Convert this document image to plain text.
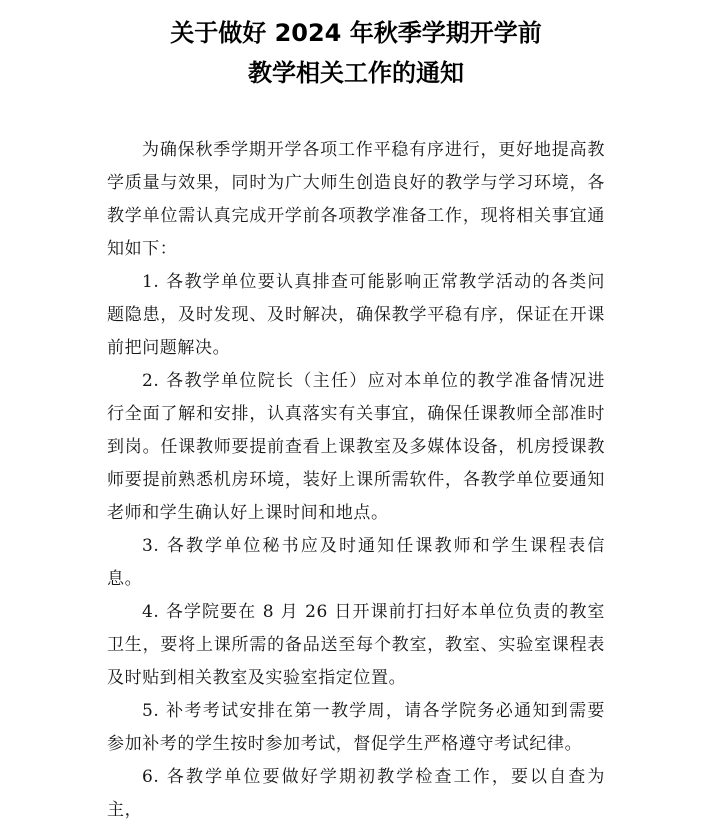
关于做好 2024 年秋季学期开学前
教学相关工作的通知

为确保秋季学期开学各项工作平稳有序进行，更好地提高教学质量与效果，同时为广大师生创造良好的教学与学习环境，各教学单位需认真完成开学前各项教学准备工作，现将相关事宜通知如下：

1. 各教学单位要认真排查可能影响正常教学活动的各类问题隐患，及时发现、及时解决，确保教学平稳有序，保证在开课前把问题解决。

2. 各教学单位院长（主任）应对本单位的教学准备情况进行全面了解和安排，认真落实有关事宜，确保任课教师全部准时到岗。任课教师要提前查看上课教室及多媒体设备，机房授课教师要提前熟悉机房环境，装好上课所需软件，各教学单位要通知老师和学生确认好上课时间和地点。

3. 各教学单位秘书应及时通知任课教师和学生课程表信息。

4. 各学院要在 8 月 26 日开课前打扫好本单位负责的教室卫生，要将上课所需的备品送至每个教室，教室、实验室课程表及时贴到相关教室及实验室指定位置。

5. 补考考试安排在第一教学周，请各学院务必通知到需要参加补考的学生按时参加考试，督促学生严格遵守考试纪律。

6. 各教学单位要做好学期初教学检查工作，要以自查为主，
